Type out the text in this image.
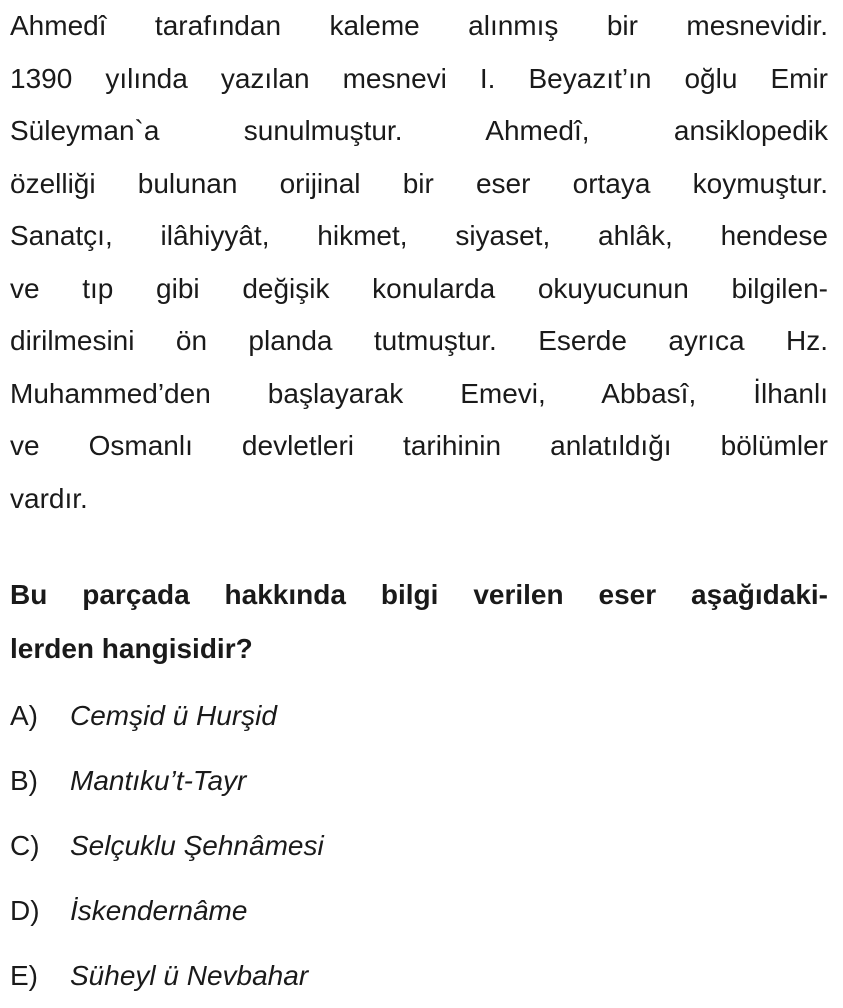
Ahmedî tarafından kaleme alınmış bir mesnevidir.
1390 yılında yazılan mesnevi I. Beyazıt’ın oğlu Emir
Süleyman`a sunulmuştur. Ahmedî, ansiklopedik
özelliği bulunan orijinal bir eser ortaya koymuştur.
Sanatçı, ilâhiyyât, hikmet, siyaset, ahlâk, hendese
ve tıp gibi değişik konularda okuyucunun bilgilen-
dirilmesini ön planda tutmuştur. Eserde ayrıca Hz.
Muhammed’den başlayarak Emevi, Abbasî, İlhanlı
ve Osmanlı devletleri tarihinin anlatıldığı bölümler
vardır.
Bu parçada hakkında bilgi verilen eser aşağıdaki-
lerden hangisidir?
A) Cemşid ü Hurşid
B) Mantıku’t-Tayr
C) Selçuklu Şehnâmesi
D) İskendernâme
E) Süheyl ü Nevbahar
